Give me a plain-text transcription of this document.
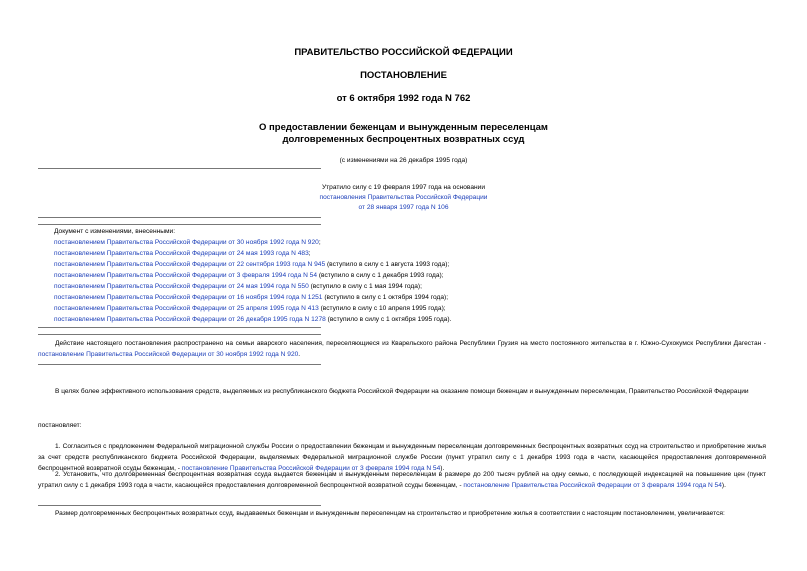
ПРАВИТЕЛЬСТВО РОССИЙСКОЙ ФЕДЕРАЦИИ
ПОСТАНОВЛЕНИЕ
от 6 октября 1992 года N 762
О предоставлении беженцам и вынужденным переселенцам
долговременных беспроцентных возвратных ссуд
(с изменениями на 26 декабря 1995 года)
Утратило силу с 19 февраля 1997 года на основании
постановления Правительства Российской Федерации
от 28 января 1997 года N 106
Документ с изменениями, внесенными:
постановлением Правительства Российской Федерации от 30 ноября 1992 года N 920;
постановлением Правительства Российской Федерации от 24 мая 1993 года N 483;
постановлением Правительства Российской Федерации от 22 сентября 1993 года N 945 (вступило в силу с 1 августа 1993 года);
постановлением Правительства Российской Федерации от 3 февраля 1994 года N 54 (вступило в силу с 1 декабря 1993 года);
постановлением Правительства Российской Федерации от 24 мая 1994 года N 550 (вступило в силу с 1 мая 1994 года);
постановлением Правительства Российской Федерации от 16 ноября 1994 года N 1251 (вступило в силу с 1 октября 1994 года);
постановлением Правительства Российской Федерации от 25 апреля 1995 года N 413 (вступило в силу с 10 апреля 1995 года);
постановлением Правительства Российской Федерации от 26 декабря 1995 года N 1278 (вступило в силу с 1 октября 1995 года).
Действие настоящего постановления распространено на семьи аварского населения, переселяющиеся из Кварельского района Республики Грузия на место постоянного жительства в г. Южно-Сухокумск Республики Дагестан - постановление Правительства Российской Федерации от 30 ноября 1992 года N 920.
В целях более эффективного использования средств, выделяемых из республиканского бюджета Российской Федерации на оказание помощи беженцам и вынужденным переселенцам, Правительство Российской Федерации
постановляет:
1. Согласиться с предложением Федеральной миграционной службы России о предоставлении беженцам и вынужденным переселенцам долговременных беспроцентных возвратных ссуд на строительство и приобретение жилья за счет средств республиканского бюджета Российской Федерации, выделяемых Федеральной миграционной службе России (пункт утратил силу с 1 декабря 1993 года в части, касающейся предоставления долговременной беспроцентной возвратной ссуды беженцам, - постановление Правительства Российской Федерации от 3 февраля 1994 года N 54).
2. Установить, что долговременная беспроцентная возвратная ссуда выдается беженцам и вынужденным переселенцам в размере до 200 тысяч рублей на одну семью, с последующей индексацией на повышение цен (пункт утратил силу с 1 декабря 1993 года в части, касающейся предоставления долговременной беспроцентной возвратной ссуды беженцам, - постановление Правительства Российской Федерации от 3 февраля 1994 года N 54).
Размер долговременных беспроцентных возвратных ссуд, выдаваемых беженцам и вынужденным переселенцам на строительство и приобретение жилья в соответствии с настоящим постановлением, увеличивается:
